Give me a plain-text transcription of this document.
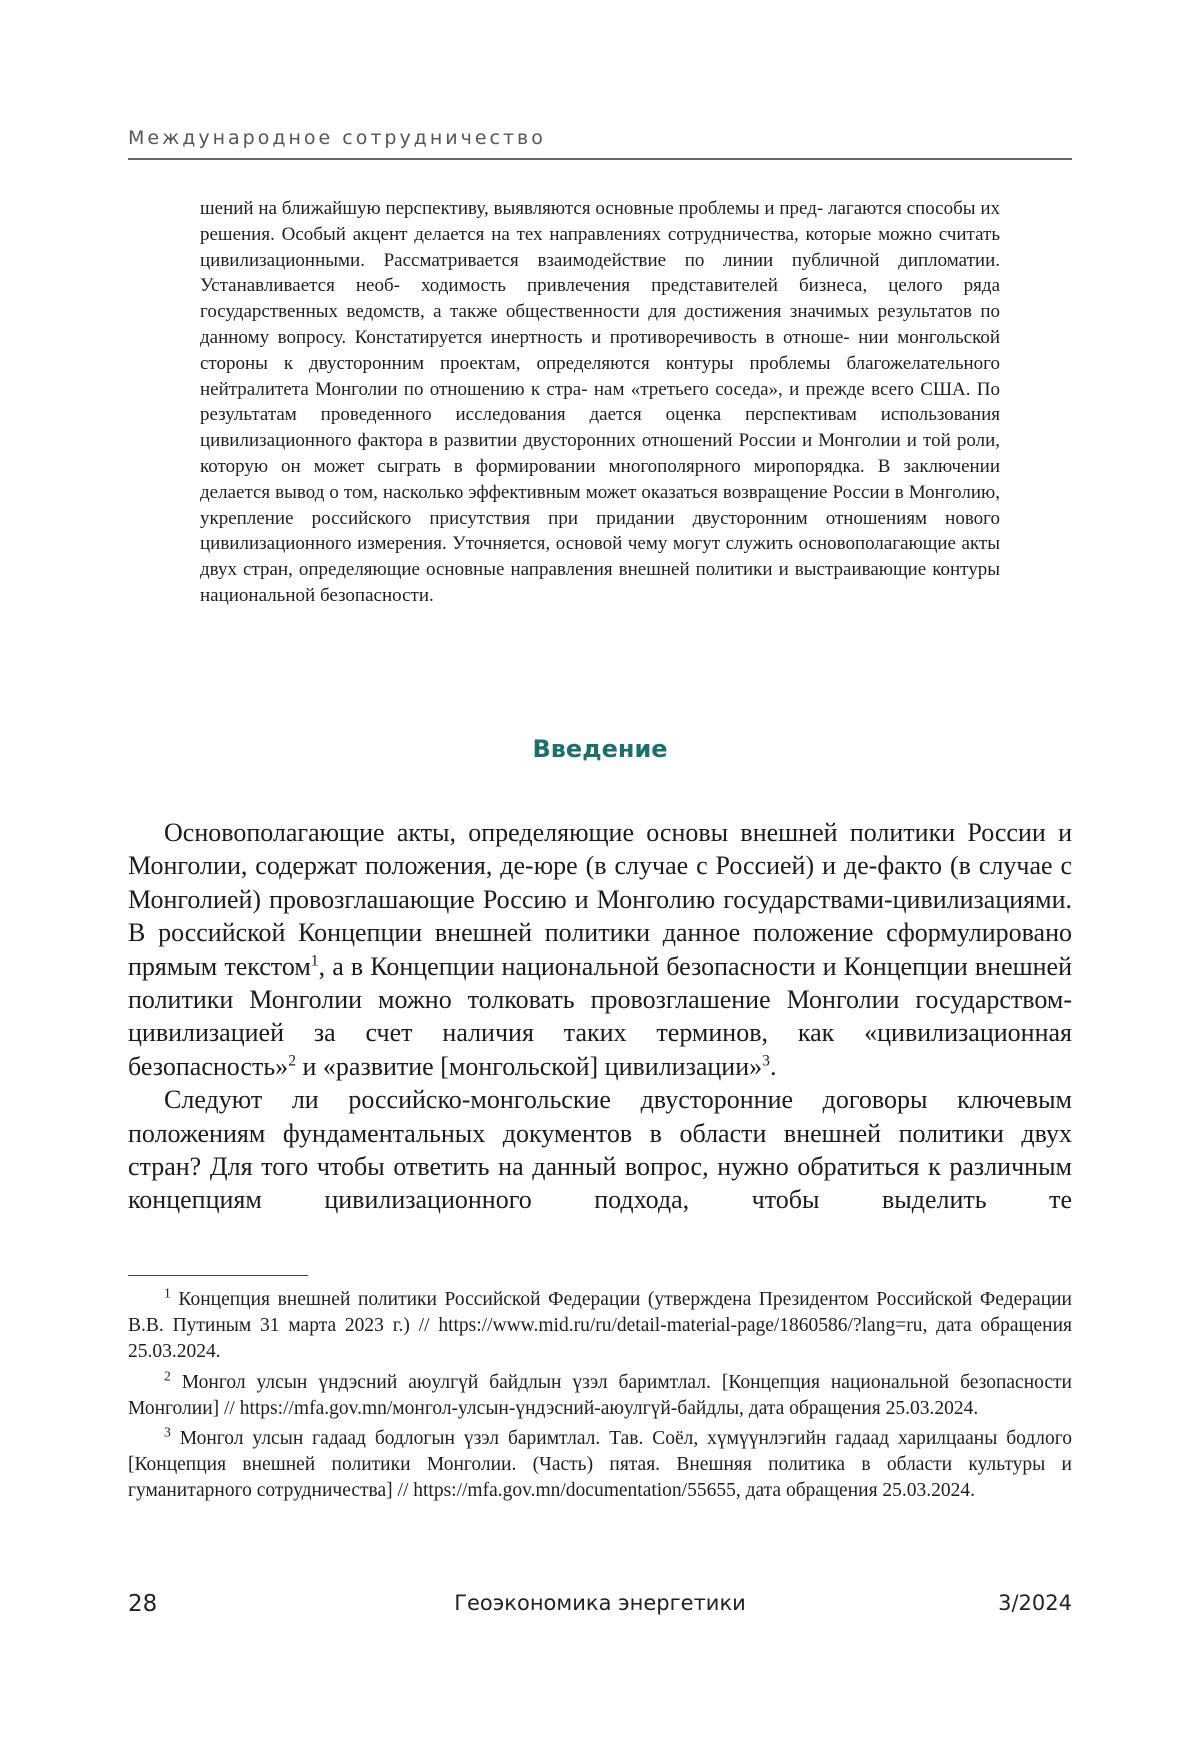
Международное сотрудничество

шений на ближайшую перспективу, выявляются основные проблемы и пред- лагаются способы их решения. Особый акцент делается на тех направлениях сотрудничества, которые можно считать цивилизационными. Рассматривается взаимодействие по линии публичной дипломатии. Устанавливается необ- ходимость привлечения представителей бизнеса, целого ряда государственных ведомств, а также общественности для достижения значимых результатов по данному вопросу. Констатируется инертность и противоречивость в отноше- нии монгольской стороны к двусторонним проектам, определяются контуры проблемы благожелательного нейтралитета Монголии по отношению к стра- нам «третьего соседа», и прежде всего США. По результатам проведенного исследования дается оценка перспективам использования цивилизационного фактора в развитии двусторонних отношений России и Монголии и той роли, которую он может сыграть в формировании многополярного миропорядка. В заключении делается вывод о том, насколько эффективным может оказаться возвращение России в Монголию, укрепление российского присутствия при придании двусторонним отношениям нового цивилизационного измерения. Уточняется, основой чему могут служить основополагающие акты двух стран, определяющие основные направления внешней политики и выстраивающие контуры национальной безопасности.

Введение

Основополагающие акты, определяющие основы внешней политики России и Монголии, содержат положения, де-юре (в случае с Россией) и де-факто (в случае с Монголией) провозглашающие Россию и Монголию государствами-цивилизациями. В российской Концепции внешней политики данное положение сформулировано прямым текстом$^1$, а в Концепции национальной безопасности и Концепции внешней политики Монголии можно толковать провозглашение Монголии государством-цивилизацией за счет наличия таких терминов, как «цивилизационная безопасность»$^2$ и «развитие [монгольской] цивилизации»$^3$.

Следуют ли российско-монгольские двусторонние договоры ключевым положениям фундаментальных документов в области внешней политики двух стран? Для того чтобы ответить на данный вопрос, нужно обратиться к различным концепциям цивилизационного подхода, чтобы выделить те

$^1$ Концепция внешней политики Российской Федерации (утверждена Президентом Российской Федерации В.В. Путиным 31 марта 2023 г.) // https://www.mid.ru/ru/detail-material-page/1860586/?lang=ru, дата обращения 25.03.2024.

$^2$ Монгол улсын үндэсний аюулгүй байдлын үзэл баримтлал. [Концепция национальной безопасности Монголии] // https://mfa.gov.mn/монгол-улсын-үндэсний-аюулгүй-байдлы, дата обращения 25.03.2024.

$^3$ Монгол улсын гадаад бодлогын үзэл баримтлал. Тав. Соёл, хүмүүнлэгийн гадаад харилцааны бодлого [Концепция внешней политики Монголии. (Часть) пятая. Внешняя политика в области культуры и гуманитарного сотрудничества] // https://mfa.gov.mn/documentation/55655, дата обращения 25.03.2024.

28	Геоэкономика энергетики	3/2024
